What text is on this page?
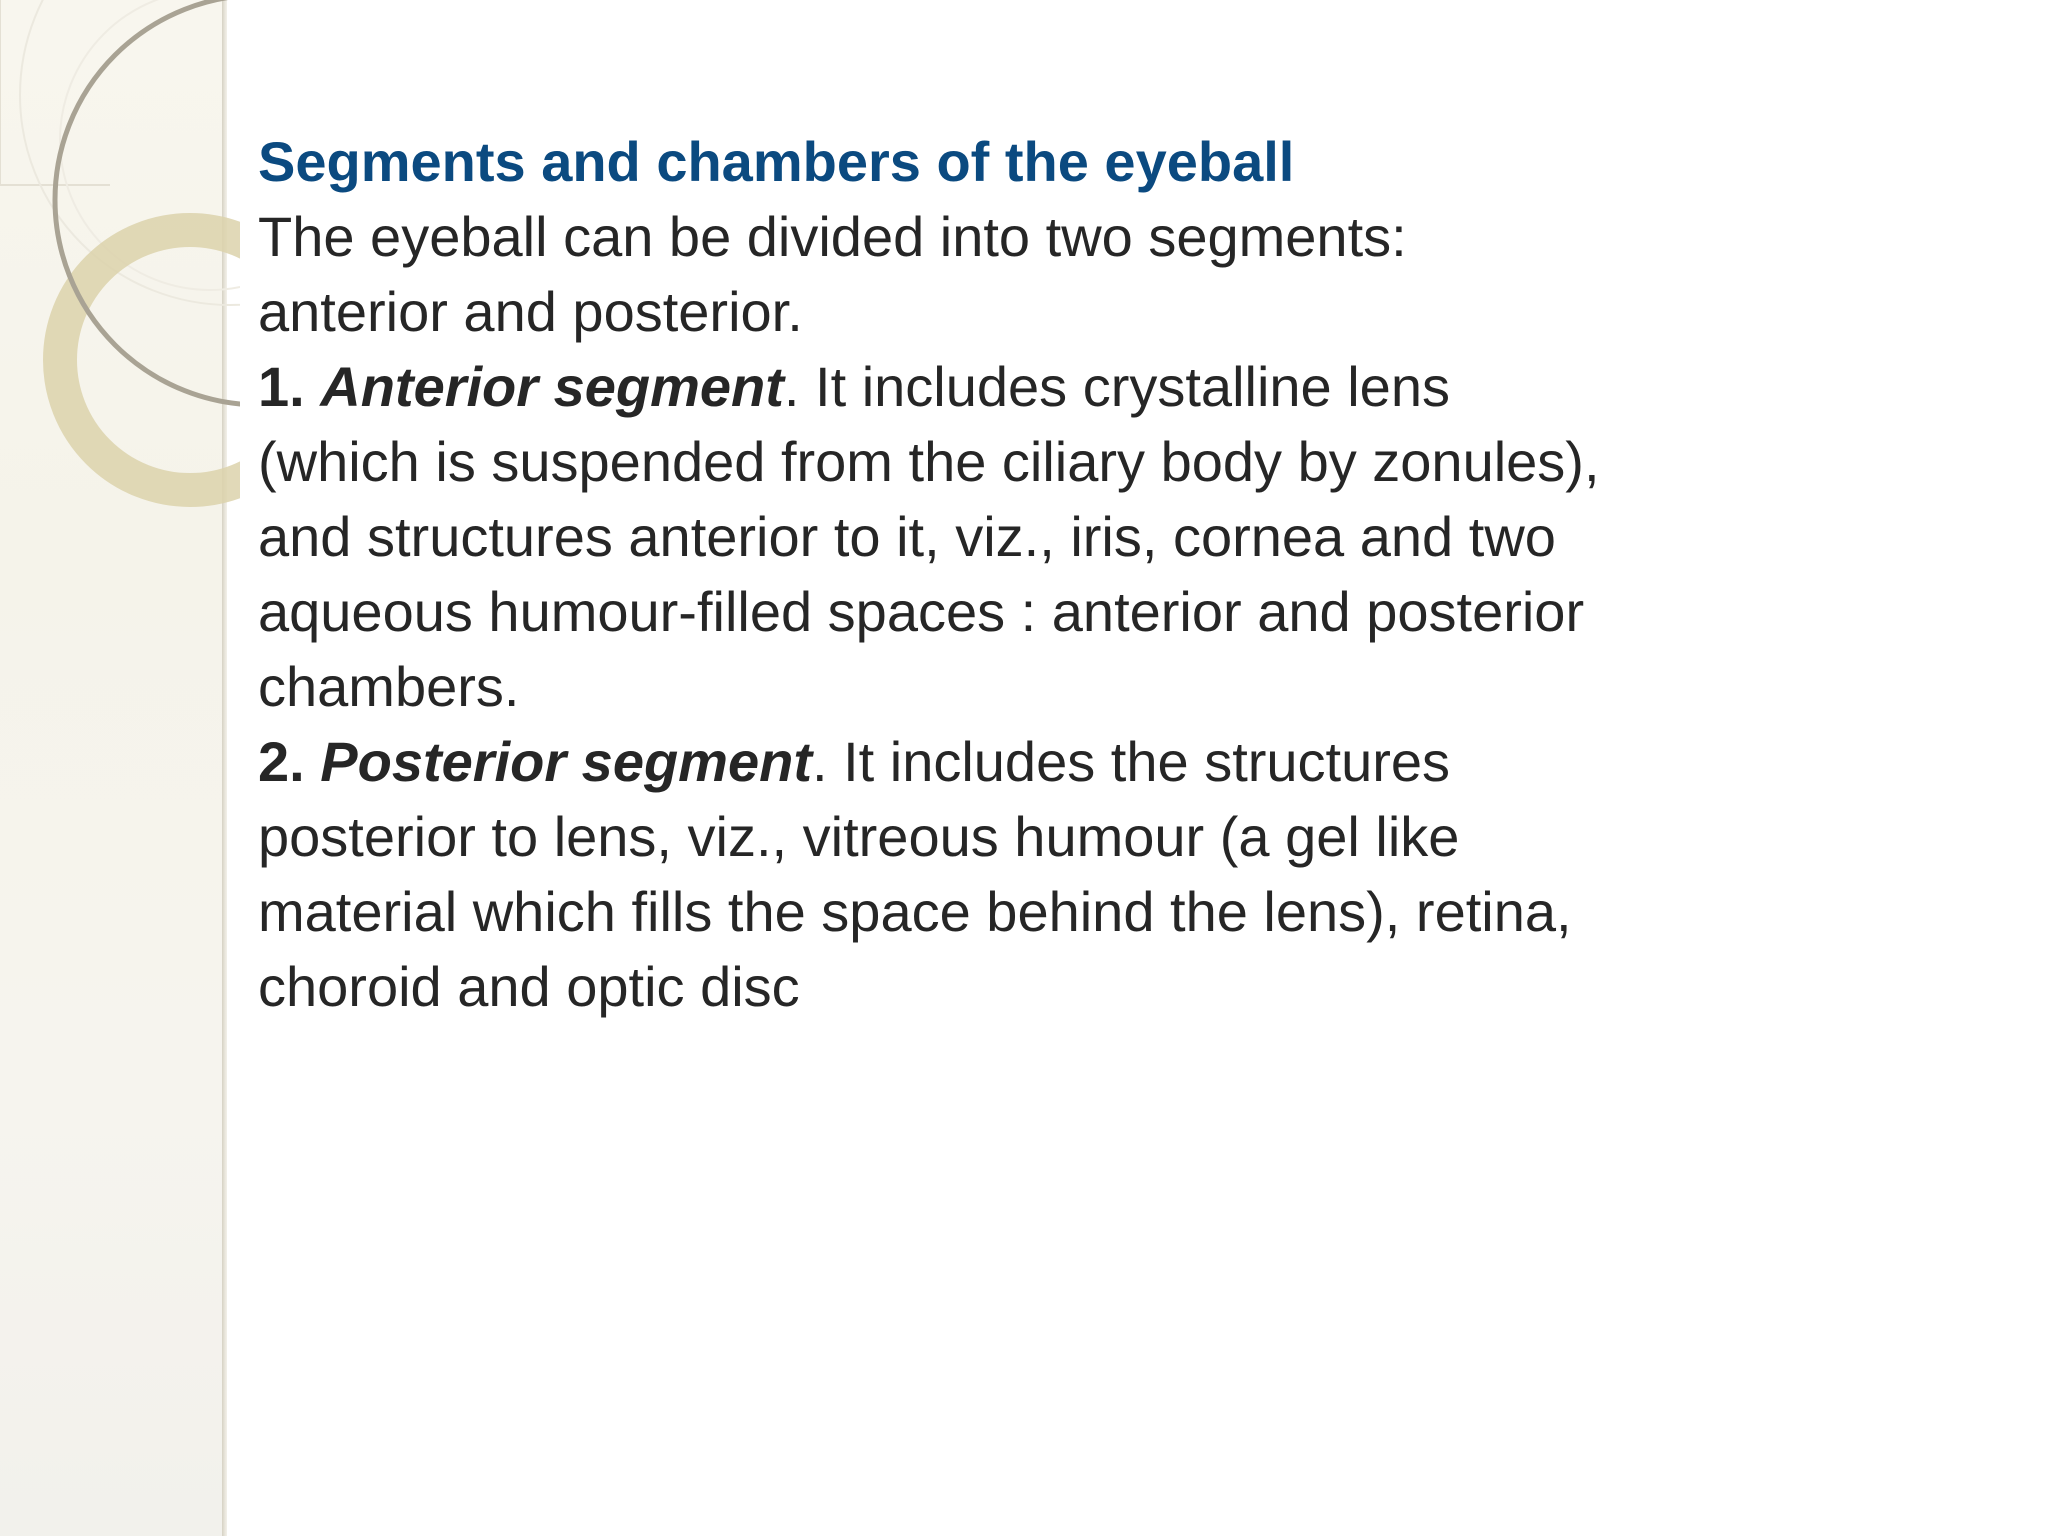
Segments and chambers of the eyeball

The eyeball can be divided into two segments:

anterior and posterior.

1. Anterior segment. It includes crystalline lens

(which is suspended from the ciliary body by zonules),

and structures anterior to it, viz., iris, cornea and two

aqueous humour-filled spaces : anterior and posterior

chambers.

2. Posterior segment. It includes the structures

posterior to lens, viz., vitreous humour (a gel like

material which fills the space behind the lens), retina,

choroid and optic disc
